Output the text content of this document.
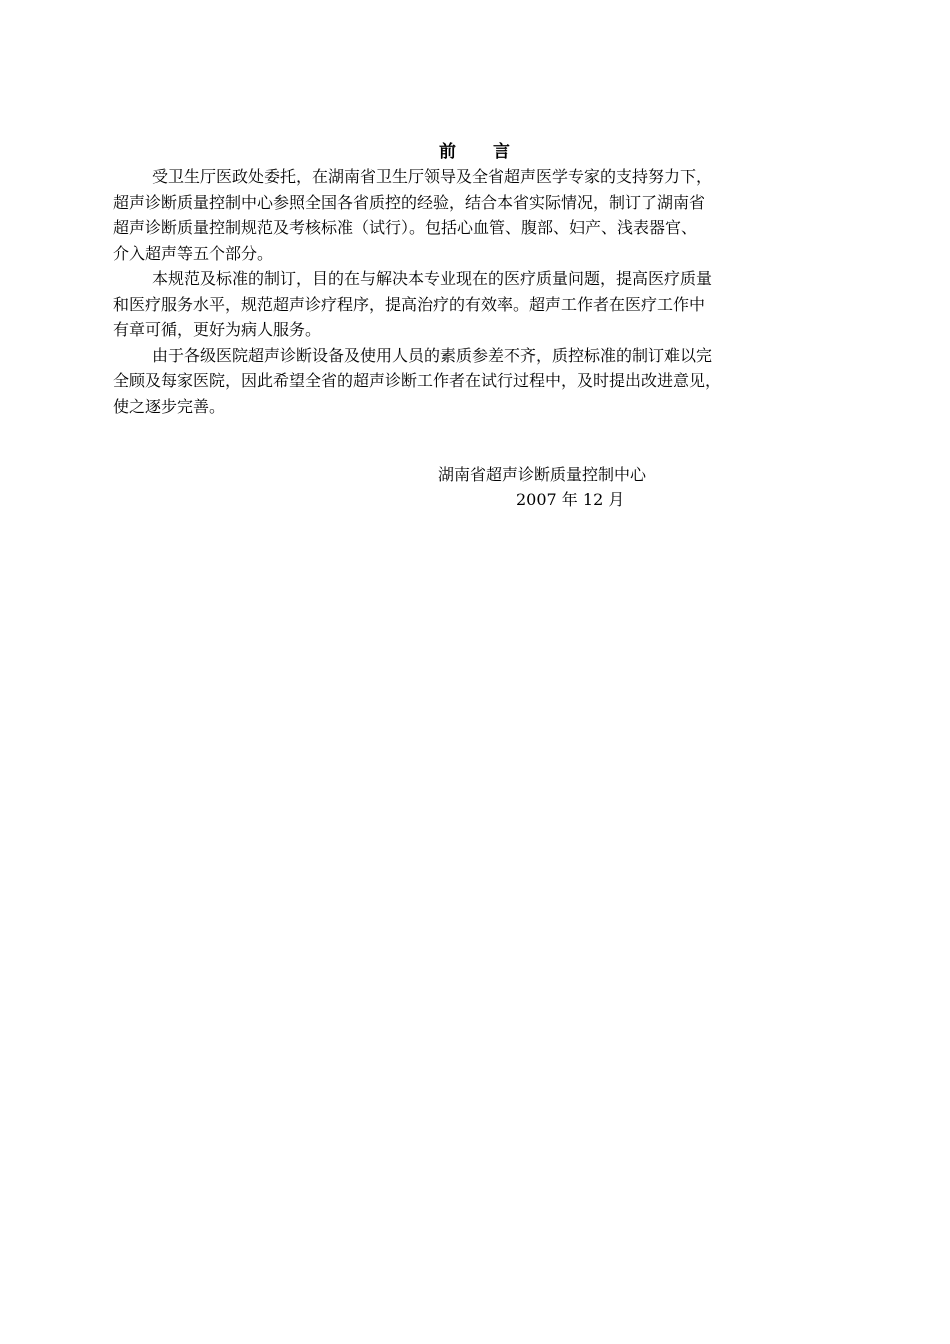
前 言
受卫生厅医政处委托，在湖南省卫生厅领导及全省超声医学专家的支持努力下，
超声诊断质量控制中心参照全国各省质控的经验，结合本省实际情况，制订了湖南省
超声诊断质量控制规范及考核标准（试行）。包括心血管、腹部、妇产、浅表器官、
介入超声等五个部分。
本规范及标准的制订，目的在与解决本专业现在的医疗质量问题，提高医疗质量
和医疗服务水平，规范超声诊疗程序，提高治疗的有效率。超声工作者在医疗工作中
有章可循，更好为病人服务。
由于各级医院超声诊断设备及使用人员的素质参差不齐，质控标准的制订难以完
全顾及每家医院，因此希望全省的超声诊断工作者在试行过程中，及时提出改进意见，
使之逐步完善。
湖南省超声诊断质量控制中心
2007 年 12 月
